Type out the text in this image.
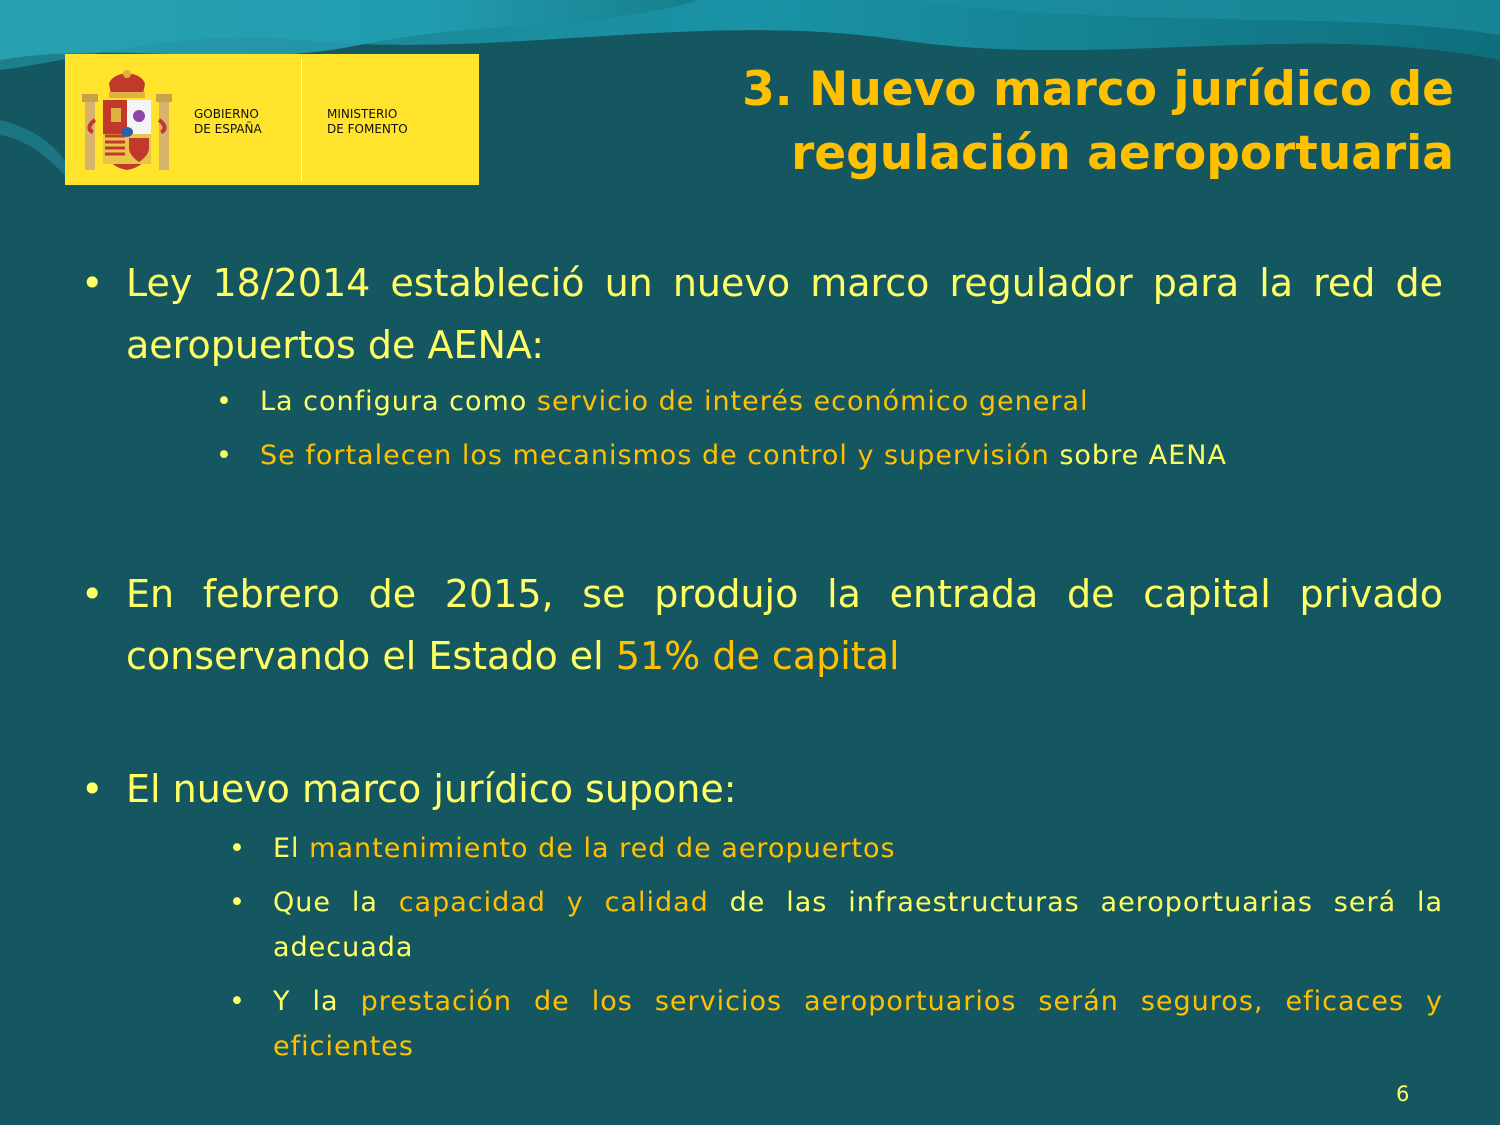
GOBIERNO
DE ESPAÑA
MINISTERIO
DE FOMENTO
3. Nuevo marco jurídico de
regulación aeroportuaria
• Ley 18/2014 estableció un nuevo marco regulador para la red de aeropuertos de AENA:
• La configura como servicio de interés económico general
• Se fortalecen los mecanismos de control y supervisión sobre AENA
• En febrero de 2015, se produjo la entrada de capital privado conservando el Estado el 51% de capital
• El nuevo marco jurídico supone:
• El mantenimiento de la red de aeropuertos
• Que la capacidad y calidad de las infraestructuras aeroportuarias será la adecuada
• Y la prestación de los servicios aeroportuarios serán seguros, eficaces y eficientes
6
